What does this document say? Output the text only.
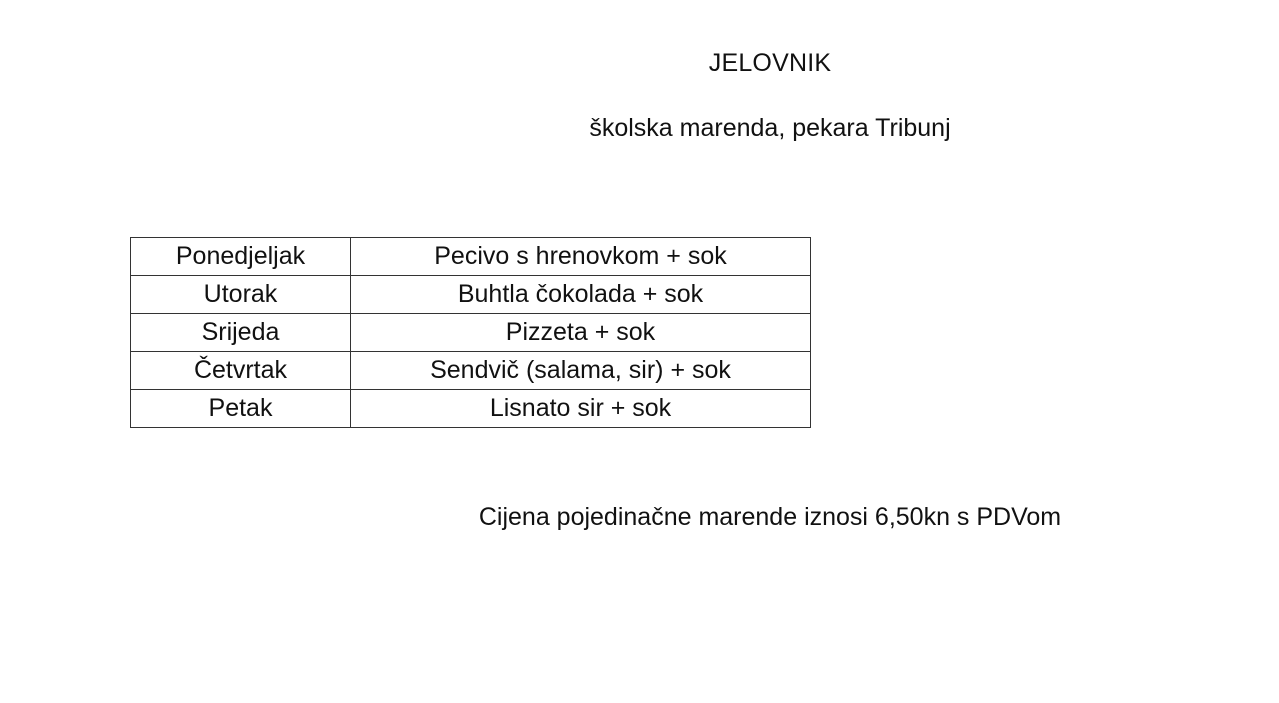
JELOVNIK
školska marenda, pekara Tribunj
Ponedjeljak	Pecivo s hrenovkom + sok
Utorak	Buhtla čokolada + sok
Srijeda	Pizzeta + sok
Četvrtak	Sendvič (salama, sir) + sok
Petak	Lisnato sir + sok
Cijena pojedinačne marende iznosi 6,50kn s PDVom
